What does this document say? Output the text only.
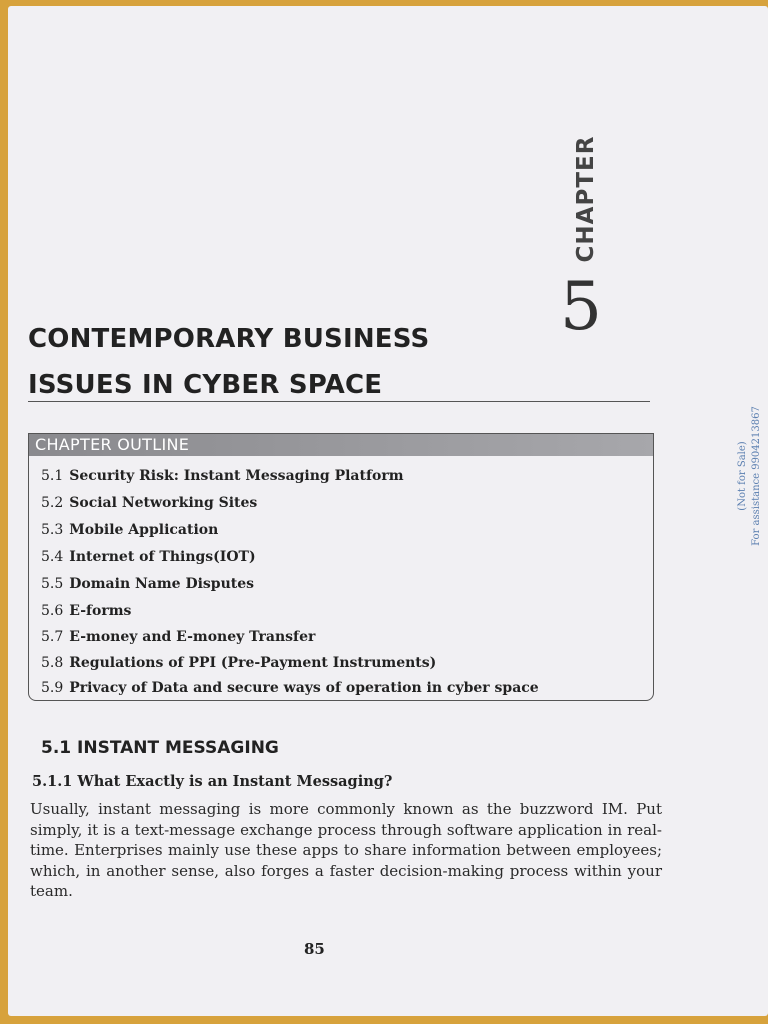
CHAPTER
5
CONTEMPORARY BUSINESS
ISSUES IN CYBER SPACE
(Not for Sale) For assistance 9904213867
CHAPTER OUTLINE
5.1 Security Risk: Instant Messaging Platform
5.2 Social Networking Sites
5.3 Mobile Application
5.4 Internet of Things(IOT)
5.5 Domain Name Disputes
5.6 E-forms
5.7 E-money and E-money Transfer
5.8 Regulations of PPI (Pre-Payment Instruments)
5.9 Privacy of Data and secure ways of operation in cyber space
5.1 INSTANT MESSAGING
5.1.1 What Exactly is an Instant Messaging?
Usually, instant messaging is more commonly known as the buzzword IM. Put simply, it is a text-message exchange process through software application in real-time. Enterprises mainly use these apps to share information between employees; which, in another sense, also forges a faster decision-making process within your team.
85
